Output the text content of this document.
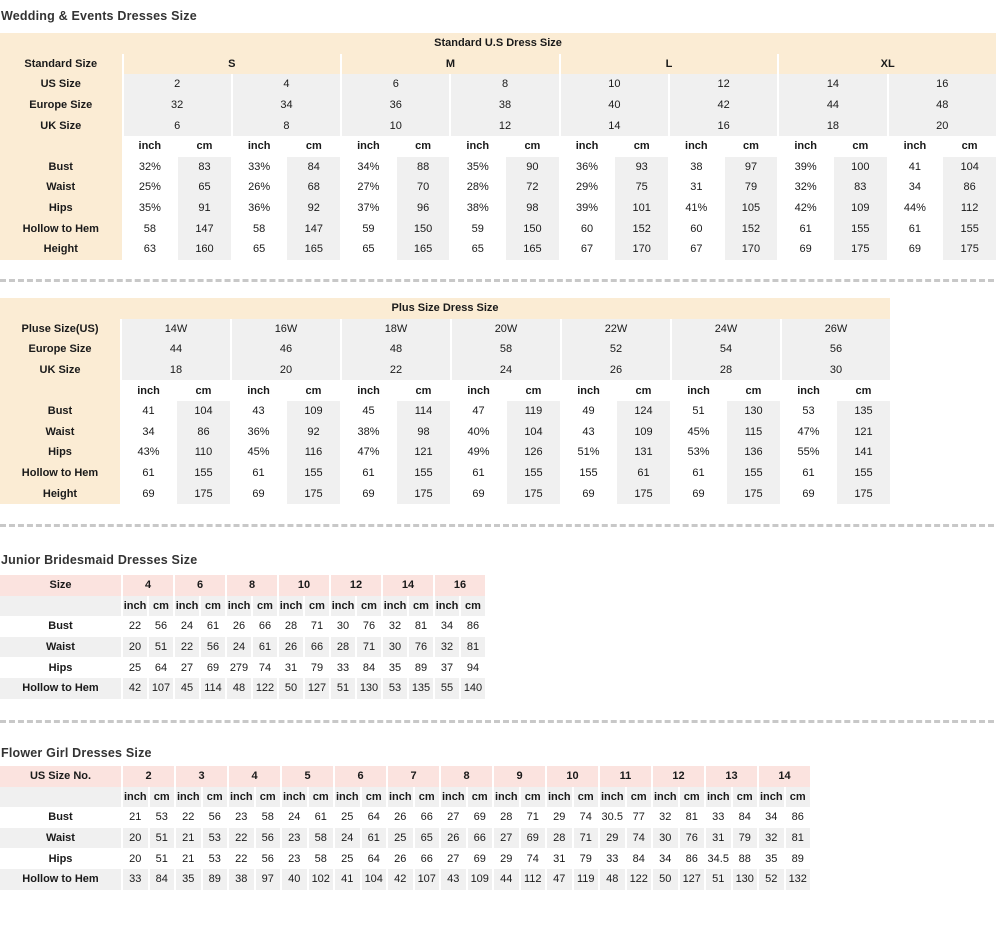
Wedding & Events Dresses Size
Standard U.S Dress Size																
Standard Size	S				M				L				XL			
US Size	2		4		6		8		10		12		14		16	
Europe Size	32		34		36		38		40		42		44		48	
UK Size	6		8		10		12		14		16		18		20	
	inch	cm	inch	cm	inch	cm	inch	cm	inch	cm	inch	cm	inch	cm	inch	cm
Bust	32%	83	33%	84	34%	88	35%	90	36%	93	38	97	39%	100	41	104
Waist	25%	65	26%	68	27%	70	28%	72	29%	75	31	79	32%	83	34	86
Hips	35%	91	36%	92	37%	96	38%	98	39%	101	41%	105	42%	109	44%	112
Hollow to Hem	58	147	58	147	59	150	59	150	60	152	60	152	61	155	61	155
Height	63	160	65	165	65	165	65	165	67	170	67	170	69	175	69	175
Plus Size Dress Size														
Pluse Size(US)	14W		16W		18W		20W		22W		24W		26W	
Europe Size	44		46		48		58		52		54		56	
UK Size	18		20		22		24		26		28		30	
	inch	cm	inch	cm	inch	cm	inch	cm	inch	cm	inch	cm	inch	cm
Bust	41	104	43	109	45	114	47	119	49	124	51	130	53	135
Waist	34	86	36%	92	38%	98	40%	104	43	109	45%	115	47%	121
Hips	43%	110	45%	116	47%	121	49%	126	51%	131	53%	136	55%	141
Hollow to Hem	61	155	61	155	61	155	61	155	155	61	61	155	61	155
Height	69	175	69	175	69	175	69	175	69	175	69	175	69	175
Junior Bridesmaid Dresses Size
Size	4		6		8		10		12		14		16	
	inch	cm	inch	cm	inch	cm	inch	cm	inch	cm	inch	cm	inch	cm
Bust	22	56	24	61	26	66	28	71	30	76	32	81	34	86
Waist	20	51	22	56	24	61	26	66	28	71	30	76	32	81
Hips	25	64	27	69	279	74	31	79	33	84	35	89	37	94
Hollow to Hem	42	107	45	114	48	122	50	127	51	130	53	135	55	140
Flower Girl Dresses Size
US Size No.	2		3		4		5		6		7		8		9		10		11		12		13		14	
	inch	cm	inch	cm	inch	cm	inch	cm	inch	cm	inch	cm	inch	cm	inch	cm	inch	cm	inch	cm	inch	cm	inch	cm	inch	cm
Bust	21	53	22	56	23	58	24	61	25	64	26	66	27	69	28	71	29	74	30.5	77	32	81	33	84	34	86
Waist	20	51	21	53	22	56	23	58	24	61	25	65	26	66	27	69	28	71	29	74	30	76	31	79	32	81
Hips	20	51	21	53	22	56	23	58	25	64	26	66	27	69	29	74	31	79	33	84	34	86	34.5	88	35	89
Hollow to Hem	33	84	35	89	38	97	40	102	41	104	42	107	43	109	44	112	47	119	48	122	50	127	51	130	52	132
